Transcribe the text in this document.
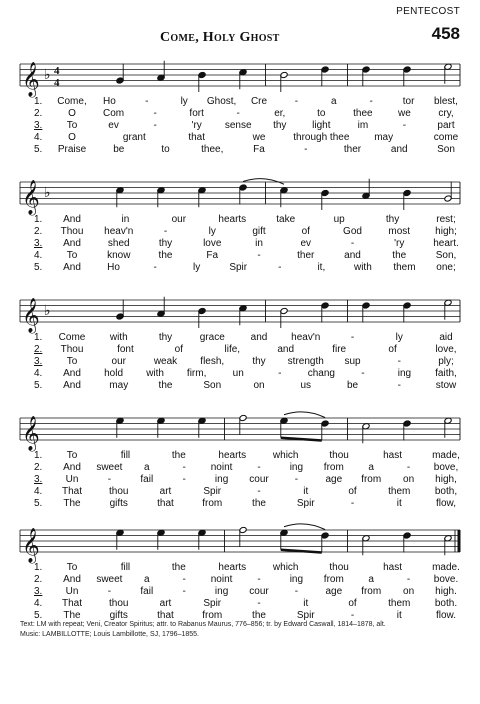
PENTECOST
Come, Holy Ghost	458
𝄞 ♭ 4
4
1. Come, Ho	-	ly Ghost, Cre	-	a	-	tor blest,
2.	O	Com	-	fort	-	er,	to	thee	we	cry,
3. To	ev	-	'ry sense thy	light	im	-	part
4.	O	grant	that	we	through thee may	come
5. Praise	be	to	thee,	Fa	-	ther	and	Son
𝄞 ♭
1. And	in	our	hearts	take	up	thy	rest;
2. Thou heav'n	-	ly	gift	of	God	most	high;
3. And	shed	thy	love	in	ev	-	'ry	heart.
4. To	know	the	Fa	-	ther	and	the	Son,
5. And	Ho	-	ly	Spir	-	it,	with them one;
𝄞 ♭
1. Come with	thy	grace	and heav'n	-	ly	aid
2. Thou	font	of	life,	and	fire	of	love,
3. To	our	weak flesh,	thy strength sup	-	ply;
4. And hold with firm,	un	-	chang	-	ing faith,
5. And	may	the	Son	on	us	be	-	stow
𝄞
1. To	fill	the	hearts	which	thou	hast	made,
2. And sweet a	- noint -	ing from a	- bove,
3. Un	-	fail	-	ing cour	-	age from on high,
4. That	thou	art	Spir	-	it	of	them both,
5. The	gifts	that	from	the	Spir	-	it	flow,
𝄞
1. To	fill	the	hearts	which	thou	hast	made.
2. And sweet a	- noint -	ing from a	- bove.
3. Un	-	fail	-	ing cour	-	age from on high.
4. That	thou	art	Spir	-	it	of	them both.
5. The	gifts	that	from	the	Spir	-	it	flow.
Text: LM with repeat; Veni, Creator Spiritus; attr. to Rabanus Maurus, 776–856; tr. by Edward Caswall, 1814–1878, alt.
Music: LAMBILLOTTE; Louis Lambillotte, SJ, 1796–1855.
